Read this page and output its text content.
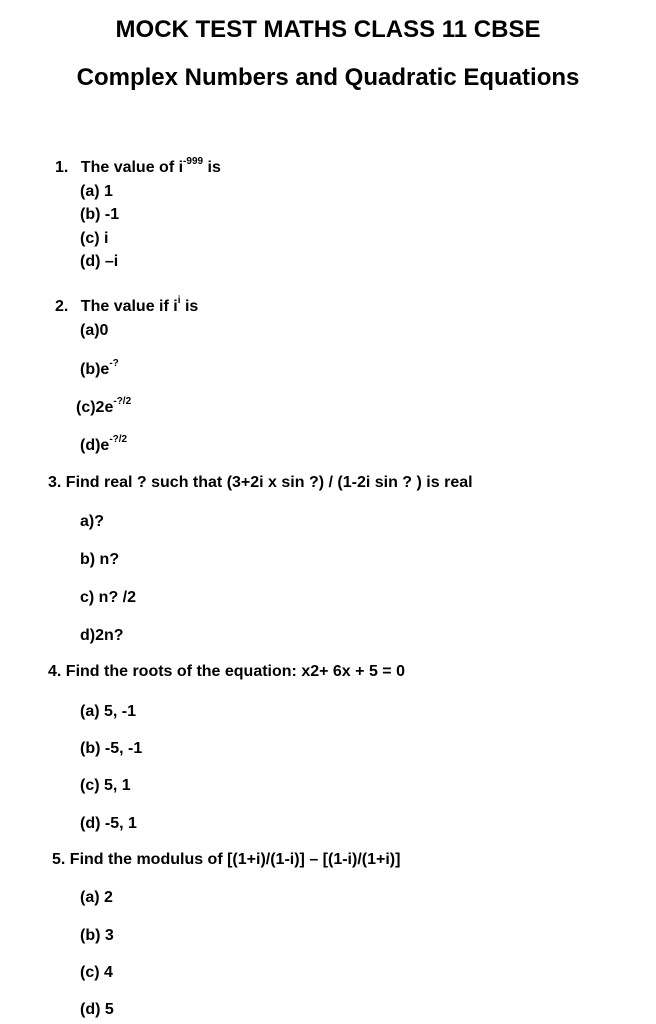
MOCK TEST MATHS CLASS 11 CBSE
Complex Numbers and Quadratic Equations
1. The value of $i^{-999}$ is
(a) 1
(b) -1
(c) i
(d) –i
2. The value if $i^i$ is
(a)0
(b)e-?
$(c)2e^{-?/2}$
$(d)e^{-?/2}$
3. Find real ? such that (3+2i x sin ?) / (1-2i sin ? ) is real
a)?
b) n?
c) n? /2
d)2n?
4. Find the roots of the equation: x2+ 6x + 5 = 0
(a) 5, -1
(b) -5, -1
(c) 5, 1
(d) -5, 1
5. Find the modulus of [(1+i)/(1-i)] – [(1-i)/(1+i)]
(a) 2
(b) 3
(c) 4
(d) 5
